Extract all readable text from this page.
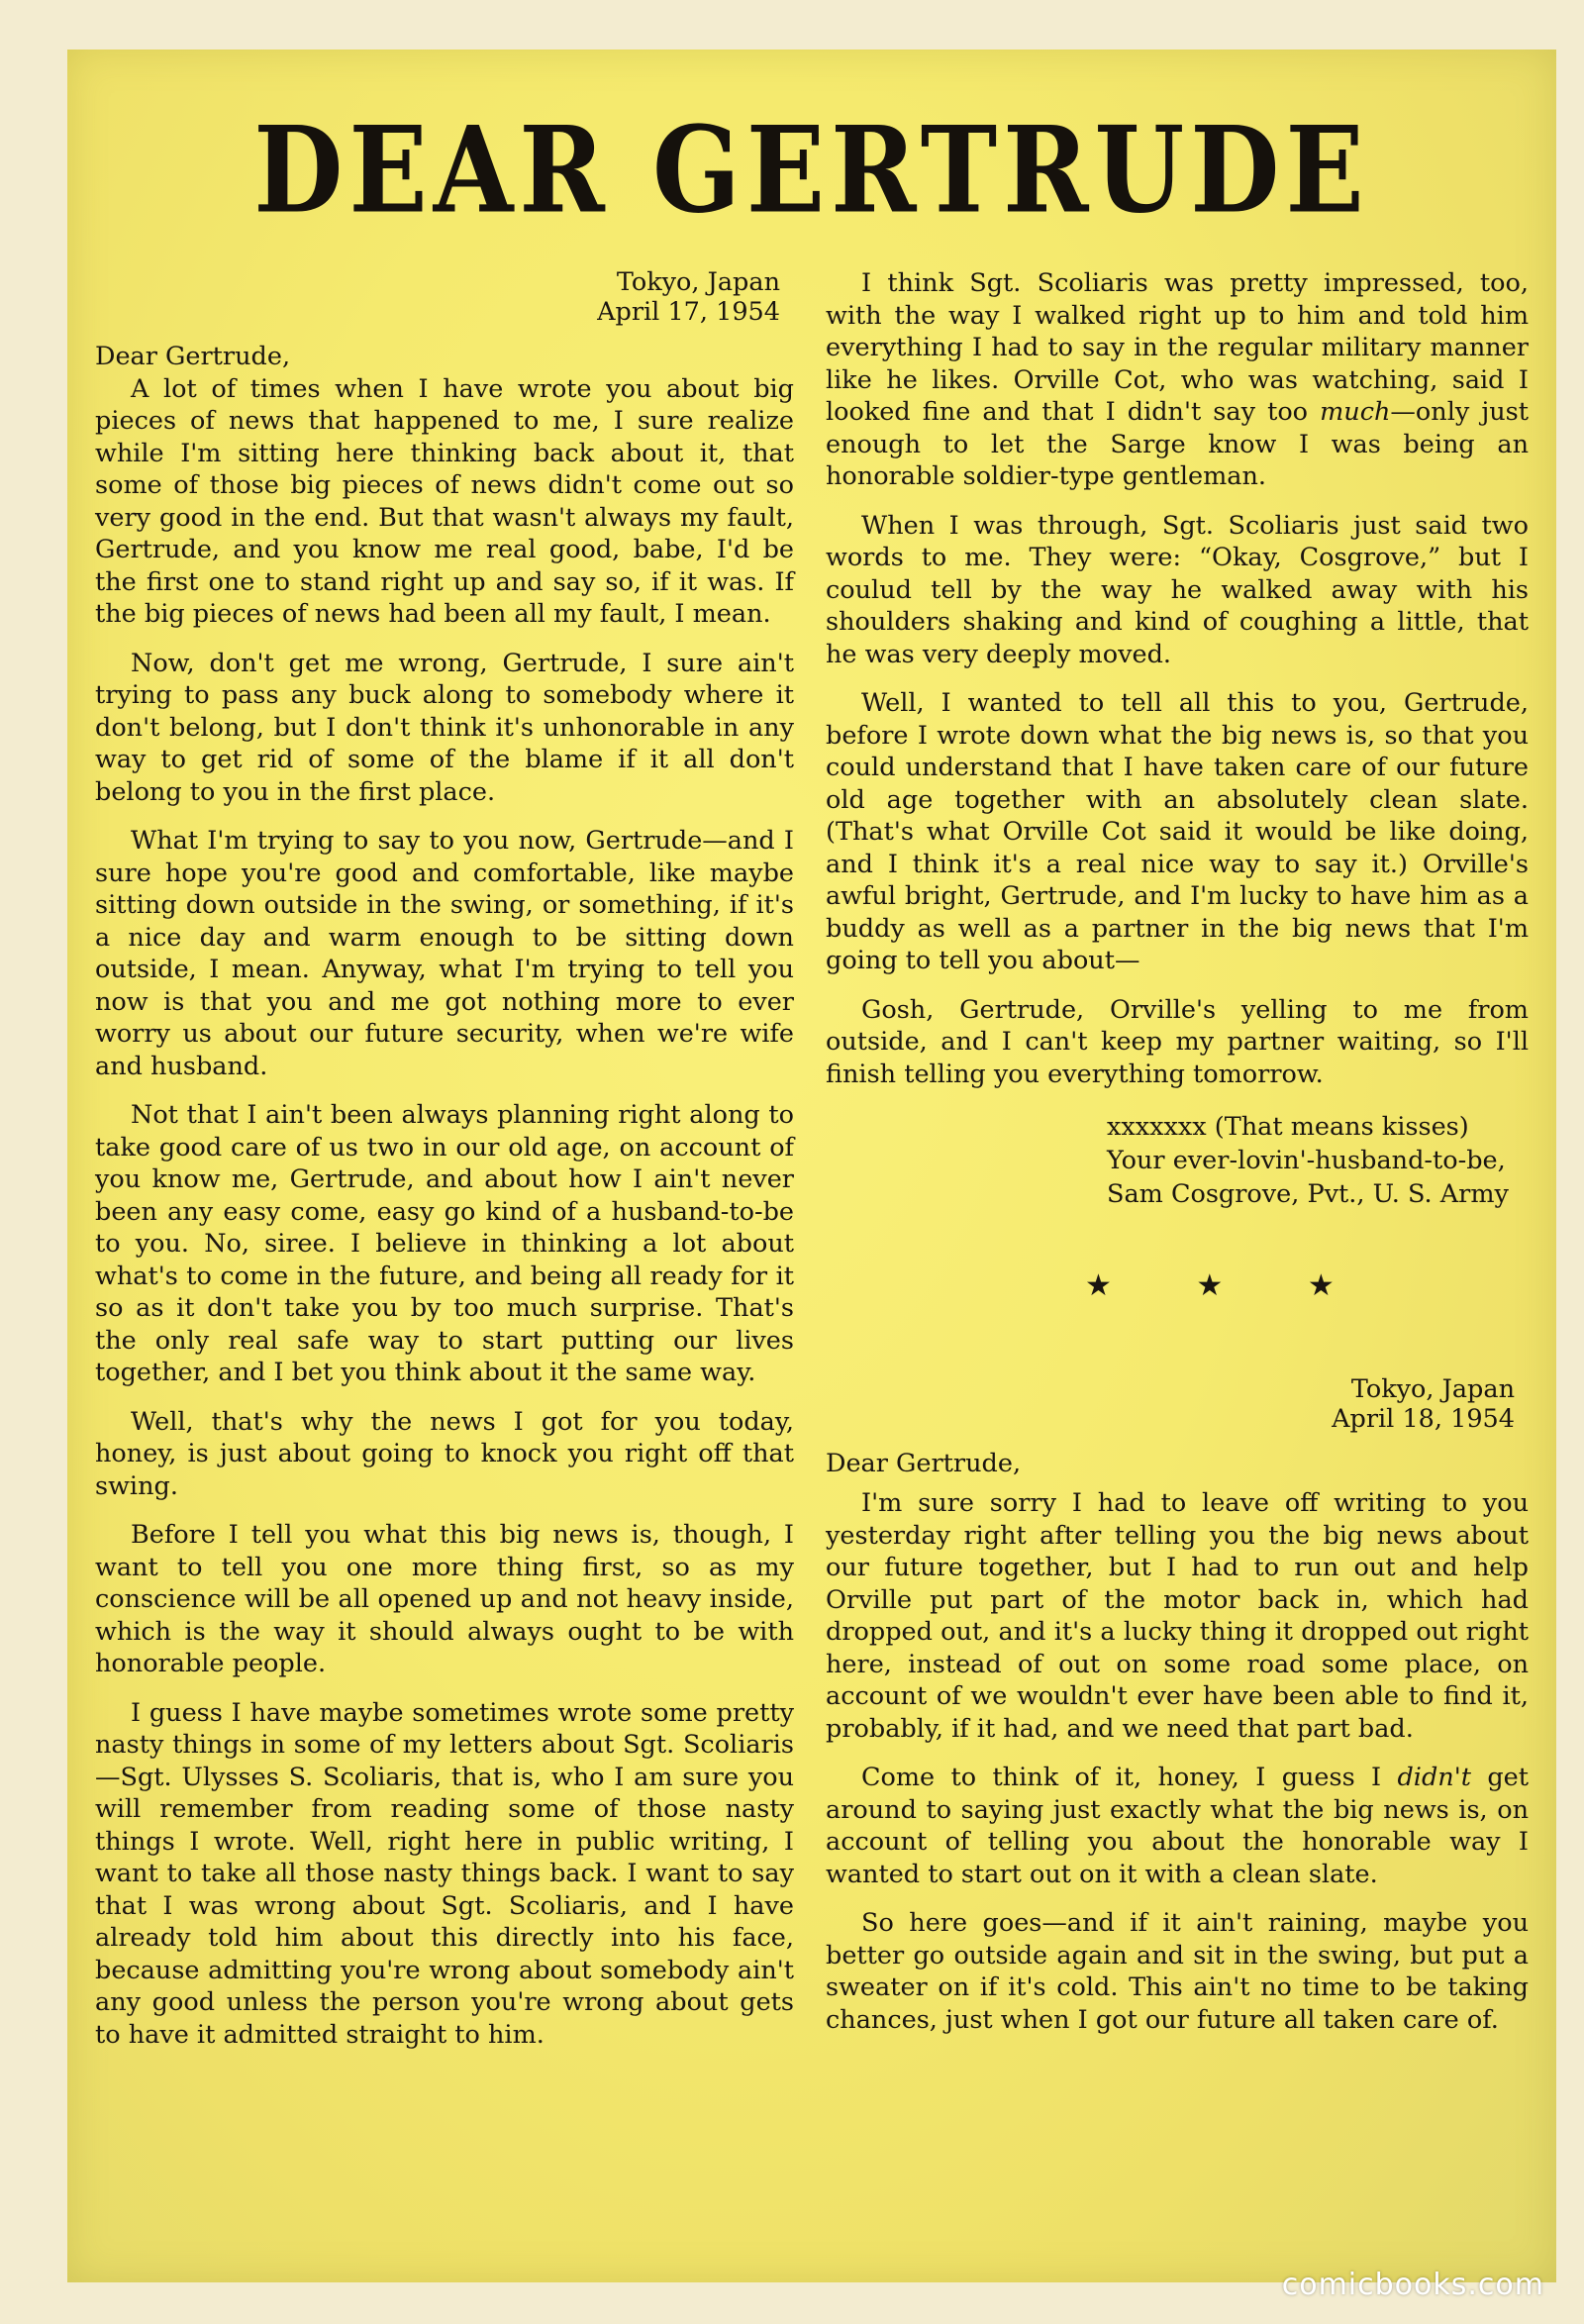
DEAR GERTRUDE

Tokyo, Japan

April 17, 1954

Dear Gertrude,

A lot of times when I have wrote you about big pieces of news that happened to me, I sure realize while I'm sitting here thinking back about it, that some of those big pieces of news didn't come out so very good in the end. But that wasn't always my fault, Gertrude, and you know me real good, babe, I'd be the first one to stand right up and say so, if it was. If the big pieces of news had been all my fault, I mean.

Now, don't get me wrong, Gertrude, I sure ain't trying to pass any buck along to somebody where it don't belong, but I don't think it's unhonorable in any way to get rid of some of the blame if it all don't belong to you in the first place.

What I'm trying to say to you now, Gertrude—and I sure hope you're good and comfortable, like maybe sitting down outside in the swing, or something, if it's a nice day and warm enough to be sitting down outside, I mean. Anyway, what I'm trying to tell you now is that you and me got nothing more to ever worry us about our future security, when we're wife and husband.

Not that I ain't been always planning right along to take good care of us two in our old age, on account of you know me, Gertrude, and about how I ain't never been any easy come, easy go kind of a husband-to-be to you. No, siree. I believe in thinking a lot about what's to come in the future, and being all ready for it so as it don't take you by too much surprise. That's the only real safe way to start putting our lives together, and I bet you think about it the same way.

Well, that's why the news I got for you today, honey, is just about going to knock you right off that swing.

Before I tell you what this big news is, though, I want to tell you one more thing first, so as my conscience will be all opened up and not heavy inside, which is the way it should always ought to be with honorable people.

I guess I have maybe sometimes wrote some pretty nasty things in some of my letters about Sgt. Scoliaris—Sgt. Ulysses S. Scoliaris, that is, who I am sure you will remember from reading some of those nasty things I wrote. Well, right here in public writing, I want to take all those nasty things back. I want to say that I was wrong about Sgt. Scoliaris, and I have already told him about this directly into his face, because admitting you're wrong about somebody ain't any good unless the person you're wrong about gets to have it admitted straight to him.

I think Sgt. Scoliaris was pretty impressed, too, with the way I walked right up to him and told him everything I had to say in the regular military manner like he likes. Orville Cot, who was watching, said I looked fine and that I didn't say too much—only just enough to let the Sarge know I was being an honorable soldier-type gentleman.

When I was through, Sgt. Scoliaris just said two words to me. They were: “Okay, Cosgrove,” but I coulud tell by the way he walked away with his shoulders shaking and kind of coughing a little, that he was very deeply moved.

Well, I wanted to tell all this to you, Gertrude, before I wrote down what the big news is, so that you could understand that I have taken care of our future old age together with an absolutely clean slate. (That's what Orville Cot said it would be like doing, and I think it's a real nice way to say it.) Orville's awful bright, Gertrude, and I'm lucky to have him as a buddy as well as a partner in the big news that I'm going to tell you about—

Gosh, Gertrude, Orville's yelling to me from outside, and I can't keep my partner waiting, so I'll finish telling you everything tomorrow.

xxxxxxx (That means kisses)

Your ever-lovin'-husband-to-be,

Sam Cosgrove, Pvt., U. S. Army

★ ★ ★

Tokyo, Japan

April 18, 1954

Dear Gertrude,

I'm sure sorry I had to leave off writing to you yesterday right after telling you the big news about our future together, but I had to run out and help Orville put part of the motor back in, which had dropped out, and it's a lucky thing it dropped out right here, instead of out on some road some place, on account of we wouldn't ever have been able to find it, probably, if it had, and we need that part bad.

Come to think of it, honey, I guess I didn't get around to saying just exactly what the big news is, on account of telling you about the honorable way I wanted to start out on it with a clean slate.

So here goes—and if it ain't raining, maybe you better go outside again and sit in the swing, but put a sweater on if it's cold. This ain't no time to be taking chances, just when I got our future all taken care of.

comicbooks.com
